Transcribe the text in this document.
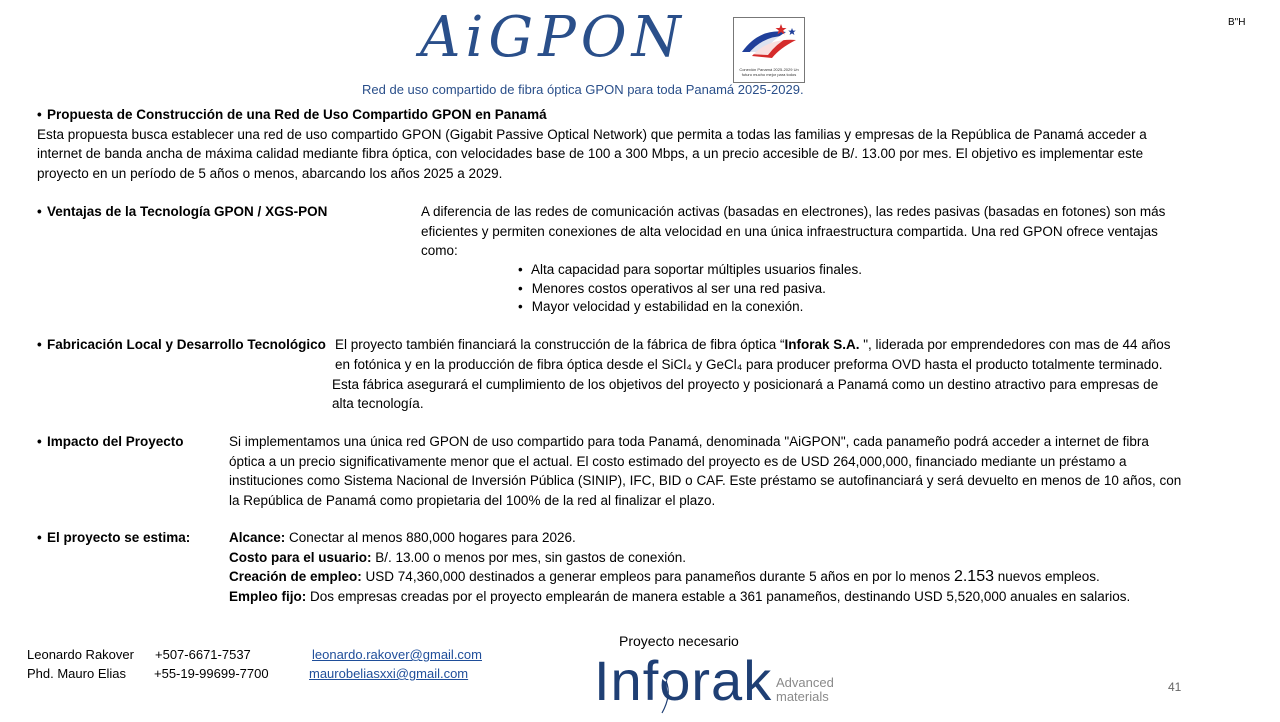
AiGPON	Conexión Panamá 2025-2029 Un futuro mucho mejor para todos
B"H
Red de uso compartido de fibra óptica GPON para toda Panamá 2025-2029.
• Propuesta de Construcción de una Red de Uso Compartido GPON en Panamá
Esta propuesta busca establecer una red de uso compartido GPON (Gigabit Passive Optical Network) que permita a todas las familias y empresas de la República de Panamá acceder a
internet de banda ancha de máxima calidad mediante fibra óptica, con velocidades base de 100 a 300 Mbps, a un precio accesible de B/. 13.00 por mes. El objetivo es implementar este
proyecto en un período de 5 años o menos, abarcando los años 2025 a 2029.
• Ventajas de la Tecnología GPON / XGS-PON	A diferencia de las redes de comunicación activas (basadas en electrones), las redes pasivas (basadas en fotones) son más
eficientes y permiten conexiones de alta velocidad en una única infraestructura compartida. Una red GPON ofrece ventajas
como:
• Alta capacidad para soportar múltiples usuarios finales.
• Menores costos operativos al ser una red pasiva.
• Mayor velocidad y estabilidad en la conexión.
• Fabricación Local y Desarrollo Tecnológico El proyecto también financiará la construcción de la fábrica de fibra óptica “Inforak S.A. ", liderada por emprendedores con mas de 44 años
en fotónica y en la producción de fibra óptica desde el SiCl₄ y GeCl₄ para producer preforma OVD hasta el producto totalmente terminado.
Esta fábrica asegurará el cumplimiento de los objetivos del proyecto y posicionará a Panamá como un destino atractivo para empresas de
alta tecnología.
• Impacto del Proyecto	Si implementamos una única red GPON de uso compartido para toda Panamá, denominada "AiGPON", cada panameño podrá acceder a internet de fibra
óptica a un precio significativamente menor que el actual. El costo estimado del proyecto es de USD 264,000,000, financiado mediante un préstamo a
instituciones como Sistema Nacional de Inversión Pública (SINIP), IFC, BID o CAF. Este préstamo se autofinanciará y será devuelto en menos de 10 años, con
la República de Panamá como propietaria del 100% de la red al finalizar el plazo.
• El proyecto se estima:	Alcance: Conectar al menos 880,000 hogares para 2026.
Costo para el usuario: B/. 13.00 o menos por mes, sin gastos de conexión.
Creación de empleo: USD 74,360,000 destinados a generar empleos para panameños durante 5 años en por lo menos 2.153 nuevos empleos.
Empleo fijo: Dos empresas creadas por el proyecto emplearán de manera estable a 361 panameños, destinando USD 5,520,000 anuales en salarios.
Leonardo Rakover +507-6671-7537	leonardo.rakover@gmail.com
Phd. Mauro Elias +55-19-99699-7700	maurobeliasxxi@gmail.com
Proyecto necesario
Inforak Advanced
materials
41
